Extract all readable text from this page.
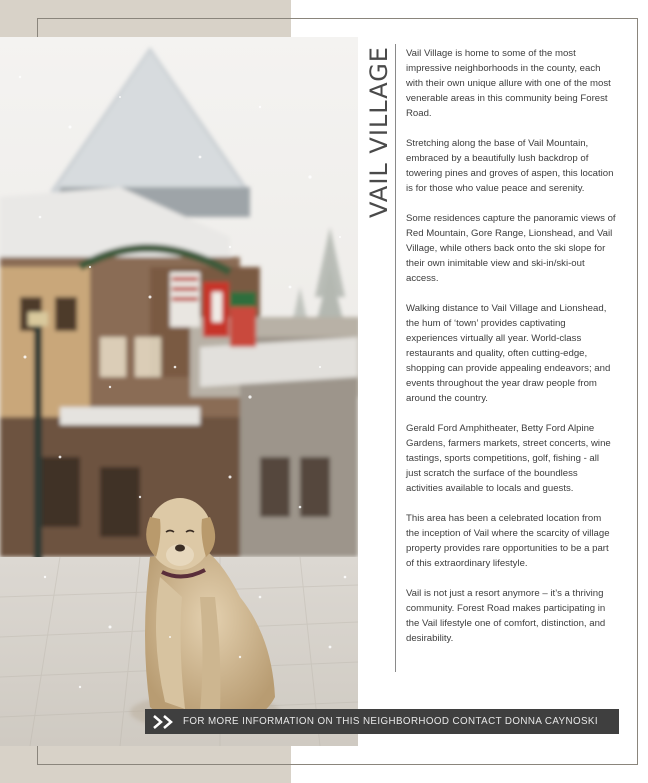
VAIL VILLAGE Vail Village is home to some of the most impressive neighborhoods in the county, each with their own unique allure with one of the most venerable areas in this community being Forest Road.

Stretching along the base of Vail Mountain, embraced by a beautifully lush backdrop of towering pines and groves of aspen, this location is for those who value peace and serenity.

Some residences capture the panoramic views of Red Mountain, Gore Range, Lionshead, and Vail Village, while others back onto the ski slope for their own inimitable view and ski-in/ski-out access.

Walking distance to Vail Village and Lionshead, the hum of ‘town’ provides captivating experiences virtually all year. World-class restaurants and quality, often cutting-edge, shopping can provide appealing endeavors; and events throughout the year draw people from around the country.

Gerald Ford Amphitheater, Betty Ford Alpine Gardens, farmers markets, street concerts, wine tastings, sports competitions, golf, fishing - all just scratch the surface of the boundless activities available to locals and guests.

This area has been a celebrated location from the inception of Vail where the scarcity of village property provides rare opportunities to be a part of this extraordinary lifestyle.

Vail is not just a resort anymore – it’s a thriving community. Forest Road makes participating in the Vail lifestyle one of comfort, distinction, and desirability.

FOR MORE INFORMATION ON THIS NEIGHBORHOOD CONTACT DONNA CAYNOSKI
